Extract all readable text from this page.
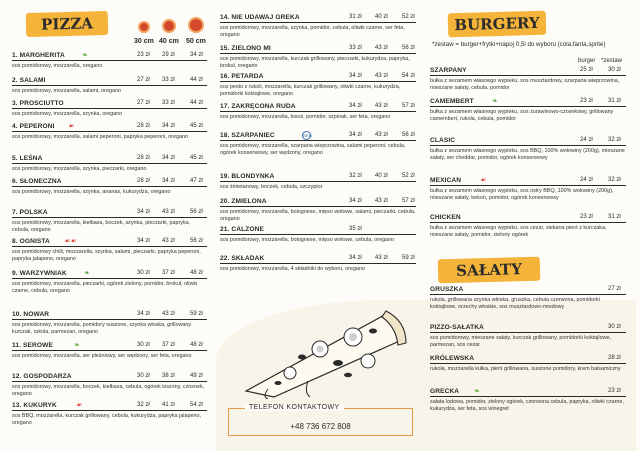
PIZZA
30 cm 40 cm 50 cm
1. MARGHERITA	23 zł 29 zł	34 zł
sos pomidorowy, mozzarella, oregano
❧
2. SALAMI	27 zł 33 zł	44 zł
sos pomidorowy, mozzarella, salami, oregano
3. PROSCIUTTO	27 zł 33 zł	44 zł
sos pomidorowy, mozzarella, szynka, oregano
4. PEPERONI	28 zł 34 zł	45 zł
sos pomidorowy, mozzarella, salami peperoni, papryka peperoni, oregano
☙
5. LEŚNA	28 zł 34 zł	45 zł
sos pomidorowy, mozzarella, szynka, pieczarki, oregano
6. SŁONECZNA	28 zł 34 zł	47 zł
sos pomidorowy, mozzarella, szynka, ananas, kukurydza, oregano
7. POLSKA	34 zł 43 zł	56 zł
sos pomidorowy, mozzarella, kiełbasa, boczek, szynka, pieczarki, papryka, cebula, oregano
8. OGNISTA	34 zł 43 zł	56 zł
sos pomidorowy chilli, mozzarella, szynka, salami, pieczarki, papryka peperoni, papryka jalapeno, oregano
☙☙
9. WARZYWNIAK	30 zł 37 zł	48 zł
sos pomidorowy, mozzarella, pieczarki, ogórek zielony, pomidor, brokuł, oliwki czarne, cebula, oregano
❧
10. NOWAR	34 zł 43 zł	59 zł
sos pomidorowy, mozzarella, pomidory suszone, szynka włoska, grillowany kurczak, rukola, parmezan, oregano
11. SEROWE	30 zł 37 zł	48 zł
sos pomidorowy, mozzarella, ser pleśniowy, ser wędzony, ser feta, oregano
❧
12. GOSPODARZA	30 zł 38 zł	49 zł
sos pomidorowy, mozzarella, boczek, kiełbasa, cebula, ogórek kiszony, czosnek, oregano
13. KUKURYK	32 zł 41 zł	54 zł
sos BBQ, mozzarella, kurczak grillowany, cebula, kukurydza, papryka jalapeno, oregano
☙
14. NIE UDAWAJ GREKA	31 zł 40 zł 52 zł
sos pomidorowy, mozzarella, szynka, pomidor, cebula, oliwki czarne, ser feta, oregano
15. ZIELONO MI	33 zł 43 zł 56 zł
sos pomidorowy, mozzarella, kurczak grillowany, pieczarki, kukurydza, papryka, brokuł, oregano
16. PETARDA	34 zł 43 zł 54 zł
sos pesto z rukoli, mozzarella, kurczak grillowany, oliwki czarne, kukurydza, pomidorki koktajlowe, oregano
17. ZAKRĘCONA RUDA	34 zł 43 zł 57 zł
sos pomidorowy, mozzarella, łosoś, pomidor, szpinak, ser feta, oregano
18. SZARPANIEC	34 zł 43 zł 56 zł
sos pomidorowy, mozzarella, szarpana wieprzowina, salami peperoni, cebula, ogórek konserwowy, ser wędzony, oregano
NEW
19. BLONDYNKA	32 zł 40 zł 52 zł
sos śmietanowy, boczek, cebula, szczypior
20. ZMIELONA	34 zł 43 zł 57 zł
sos pomidorowy, mozzarella, bolognese, mięso wołowe, salami, pieczarki, cebula, oregano
21. CALZONE	35 zł
sos pomidorowy, mozzarella, bolognese, mięso wołowe, cebula, oregano
22. SKŁADAK	34 zł 43 zł 59 zł
sos pomidorowy, mozzarella, 4 składniki do wyboru, oregano
TELEFON KONTAKTOWY
+48 736 672 808
BURGERY
*zestaw = burger+frytki+napoj 0,5l do wyboru (cola,fanta,sprite)
burger *zestaw
SZARPANY	25 zł	30 zł
bułka z sezamem własnego wypieku, sos musztardowy, szarpana wieprzowina, mieszane sałaty, cebula, pomidor
CAMEMBERT	23 zł	31 zł
bułka z sezamem własnego wypieku, sos żurawinowo-czosnkowy, grillowany camembert, rukola, cebula, pomidor
❧
CLASIC	24 zł	32 zł
bułka z sezamem własnego wypieku, sos BBQ, 100% wołowiny (200g), mieszane sałaty, ser cheddar, pomidor, ogórek konserwowy
MEXICAN	24 zł	32 zł
bułka z sezamem własnego wypieku, sos ostry BBQ, 100% wołowiny (200g), mieszane sałaty, bekon, pomidor, ogórek konserwowy
☙
CHICKEN	23 zł	31 zł
bułka z sezamem własnego wypieku, sos cezar, siekana pierś z kurczaka, mieszane sałaty, pomidor, zielony ogórek
GRUSZKA	27 zł
rukola, grillowana szynka włoska, gruszka, cebula czerwona, pomidorki koktajlowe, orzechy włoskie, sos musztardowo-miodowy
PIZZO-SAŁATKA	30 zł
sos pomidorowy, mieszane sałaty, kurczak grillowany, pomidorki koktajlowe, parmezan, sos cezar
KRÓLEWSKA	28 zł
rukola, mozzarella kulka, pierś grillowana, suszone pomidory, krem balsamiczny
GRECKA	23 zł
sałata lodowa, pomidor, zielony ogórek, czerwona cebula, papryka, oliwki czarne, kukurydza, ser feta, sos winegret
❧
SAŁATY
